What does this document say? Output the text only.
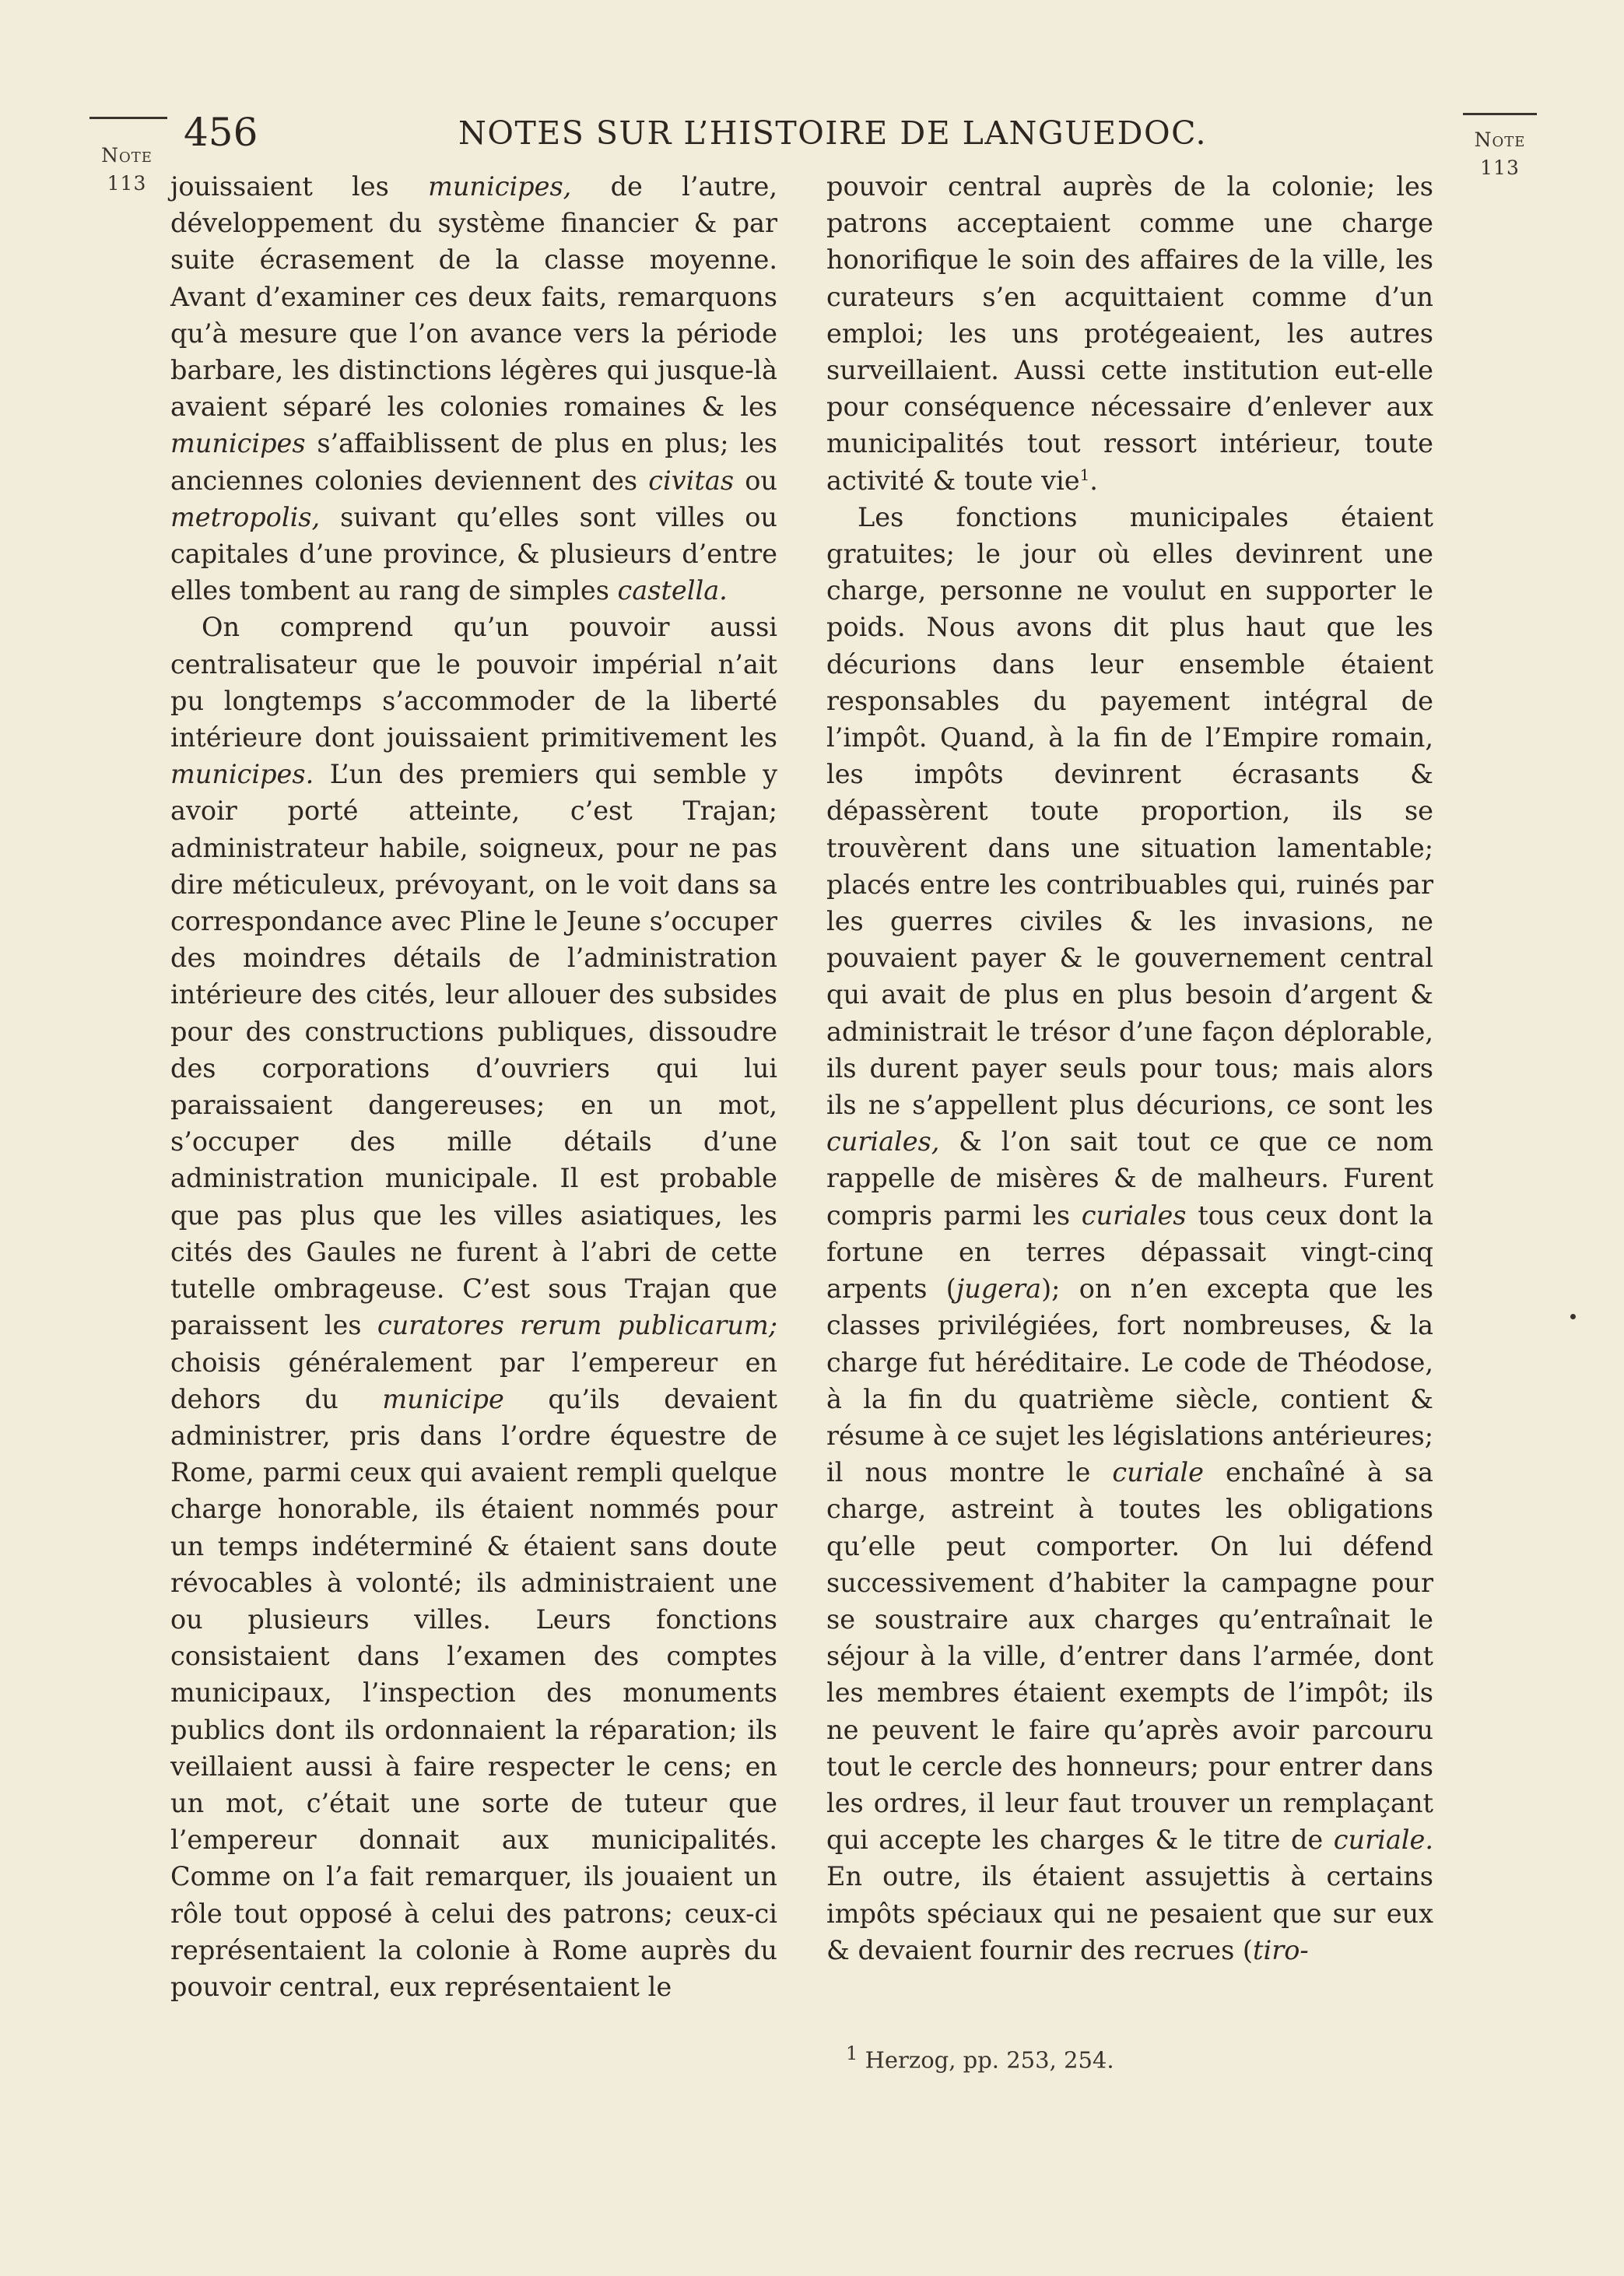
Note
113
456	NOTES SUR L’HISTOIRE DE LANGUEDOC.	Note
113

jouissaient les municipes, de l’autre, développement du système financier & par suite écrasement de la classe moyenne. Avant d’examiner ces deux faits, remarquons qu’à mesure que l’on avance vers la période barbare, les distinctions légères qui jusque-là avaient séparé les colonies romaines & les municipes s’affaiblissent de plus en plus; les anciennes colonies deviennent des civitas ou metropolis, suivant qu’elles sont villes ou capitales d’une province, & plusieurs d’entre elles tombent au rang de simples castella.

On comprend qu’un pouvoir aussi centralisateur que le pouvoir impérial n’ait pu longtemps s’accommoder de la liberté intérieure dont jouissaient primitivement les municipes. L’un des premiers qui semble y avoir porté atteinte, c’est Trajan; administrateur habile, soigneux, pour ne pas dire méticuleux, prévoyant, on le voit dans sa correspondance avec Pline le Jeune s’occuper des moindres détails de l’administration intérieure des cités, leur allouer des subsides pour des constructions publiques, dissoudre des corporations d’ouvriers qui lui paraissaient dangereuses; en un mot, s’occuper des mille détails d’une administration municipale. Il est probable que pas plus que les villes asiatiques, les cités des Gaules ne furent à l’abri de cette tutelle ombrageuse. C’est sous Trajan que paraissent les curatores rerum publicarum; choisis généralement par l’empereur en dehors du municipe qu’ils devaient administrer, pris dans l’ordre équestre de Rome, parmi ceux qui avaient rempli quelque charge honorable, ils étaient nommés pour un temps indéterminé & étaient sans doute révocables à volonté; ils administraient une ou plusieurs villes. Leurs fonctions consistaient dans l’examen des comptes municipaux, l’inspection des monuments publics dont ils ordonnaient la réparation; ils veillaient aussi à faire respecter le cens; en un mot, c’était une sorte de tuteur que l’empereur donnait aux municipalités. Comme on l’a fait remarquer, ils jouaient un rôle tout opposé à celui des patrons; ceux-ci représentaient la colonie à Rome auprès du pouvoir central, eux représentaient le

pouvoir central auprès de la colonie; les patrons acceptaient comme une charge honorifique le soin des affaires de la ville, les curateurs s’en acquittaient comme d’un emploi; les uns protégeaient, les autres surveillaient. Aussi cette institution eut-elle pour conséquence nécessaire d’enlever aux municipalités tout ressort intérieur, toute activité & toute vie$^1$.

Les fonctions municipales étaient gratuites; le jour où elles devinrent une charge, personne ne voulut en supporter le poids. Nous avons dit plus haut que les décurions dans leur ensemble étaient responsables du payement intégral de l’impôt. Quand, à la fin de l’Empire romain, les impôts devinrent écrasants & dépassèrent toute proportion, ils se trouvèrent dans une situation lamentable; placés entre les contribuables qui, ruinés par les guerres civiles & les invasions, ne pouvaient payer & le gouvernement central qui avait de plus en plus besoin d’argent & administrait le trésor d’une façon déplorable, ils durent payer seuls pour tous; mais alors ils ne s’appellent plus décurions, ce sont les curiales, & l’on sait tout ce que ce nom rappelle de misères & de malheurs. Furent compris parmi les curiales tous ceux dont la fortune en terres dépassait vingt-cinq arpents (jugera); on n’en excepta que les classes privilégiées, fort nombreuses, & la charge fut héréditaire. Le code de Théodose, à la fin du quatrième siècle, contient & résume à ce sujet les législations antérieures; il nous montre le curiale enchaîné à sa charge, astreint à toutes les obligations qu’elle peut comporter. On lui défend successivement d’habiter la campagne pour se soustraire aux charges qu’entraînait le séjour à la ville, d’entrer dans l’armée, dont les membres étaient exempts de l’impôt; ils ne peuvent le faire qu’après avoir parcouru tout le cercle des honneurs; pour entrer dans les ordres, il leur faut trouver un remplaçant qui accepte les charges & le titre de curiale. En outre, ils étaient assujettis à certains impôts spéciaux qui ne pesaient que sur eux & devaient fournir des recrues (tiro-

$^1$ Herzog, pp. 253, 254.
